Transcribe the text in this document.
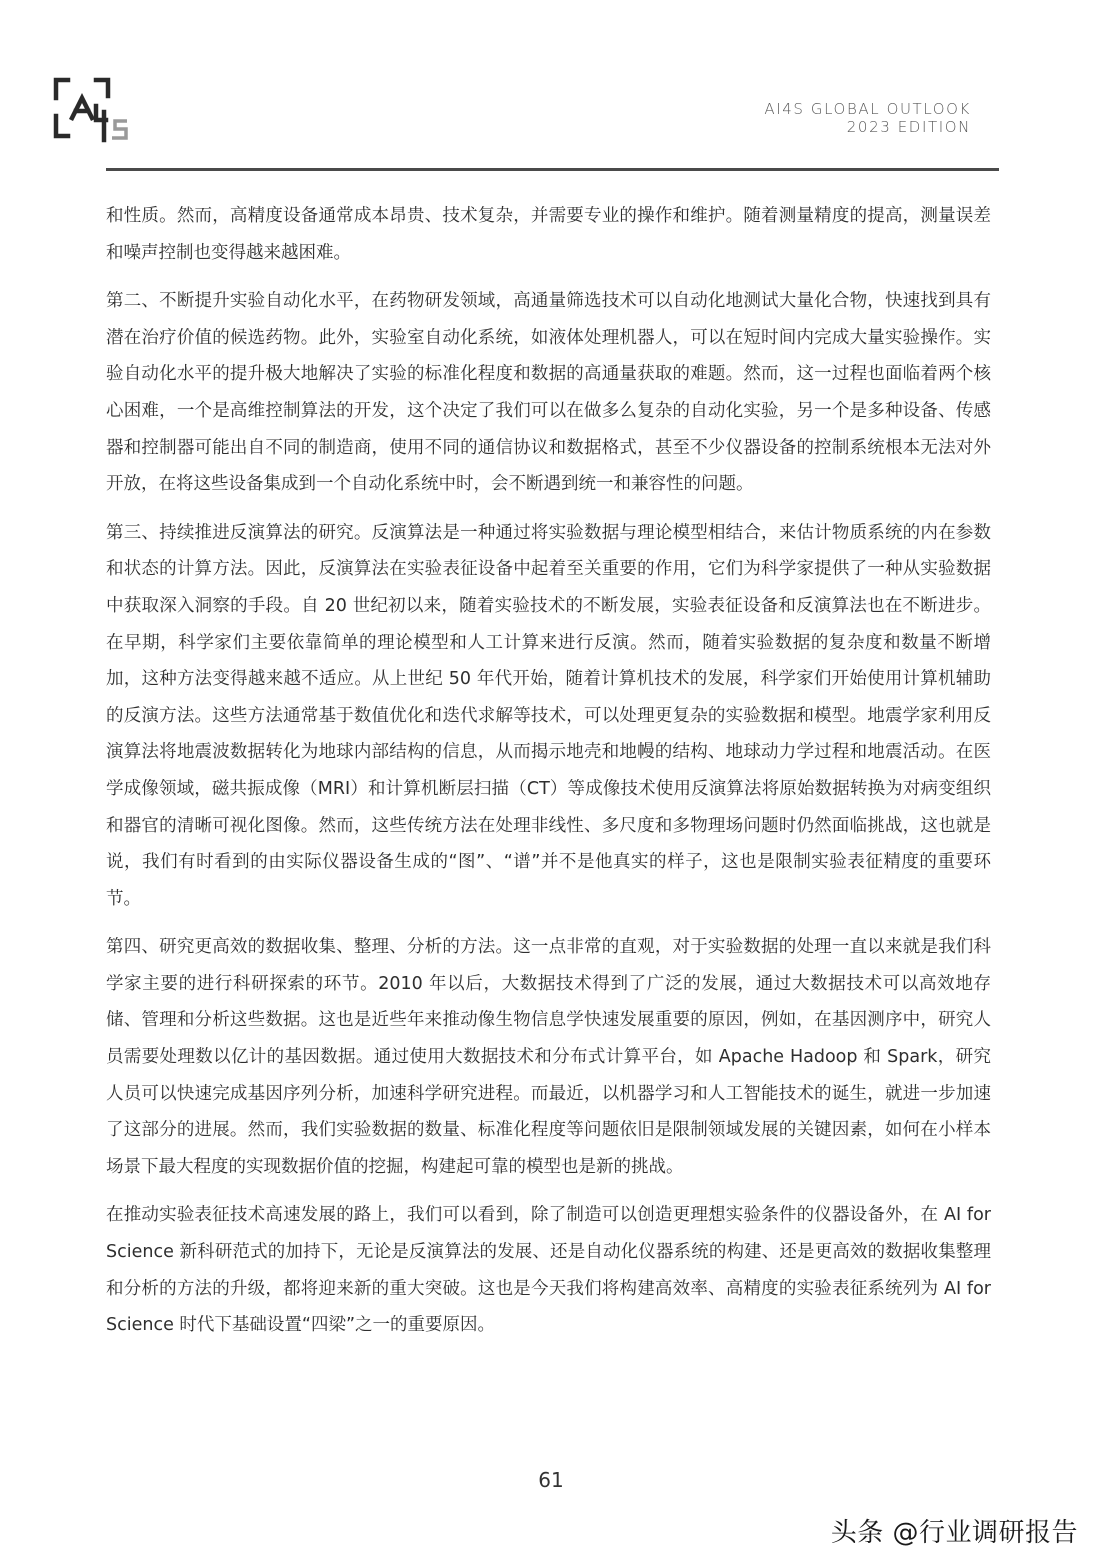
AI4S GLOBAL OUTLOOK
2023 EDITION

和性质。然而，高精度设备通常成本昂贵、技术复杂，并需要专业的操作和维护。随着测量精度的提高，测量误差和噪声控制也变得越来越困难。

第二、不断提升实验自动化水平，在药物研发领域，高通量筛选技术可以自动化地测试大量化合物，快速找到具有潜在治疗价值的候选药物。此外，实验室自动化系统，如液体处理机器人，可以在短时间内完成大量实验操作。实验自动化水平的提升极大地解决了实验的标准化程度和数据的高通量获取的难题。然而，这一过程也面临着两个核心困难，一个是高维控制算法的开发，这个决定了我们可以在做多么复杂的自动化实验，另一个是多种设备、传感器和控制器可能出自不同的制造商，使用不同的通信协议和数据格式，甚至不少仪器设备的控制系统根本无法对外开放，在将这些设备集成到一个自动化系统中时，会不断遇到统一和兼容性的问题。

第三、持续推进反演算法的研究。反演算法是一种通过将实验数据与理论模型相结合，来估计物质系统的内在参数和状态的计算方法。因此，反演算法在实验表征设备中起着至关重要的作用，它们为科学家提供了一种从实验数据中获取深入洞察的手段。自 20 世纪初以来，随着实验技术的不断发展，实验表征设备和反演算法也在不断进步。在早期，科学家们主要依靠简单的理论模型和人工计算来进行反演。然而，随着实验数据的复杂度和数量不断增加，这种方法变得越来越不适应。从上世纪 50 年代开始，随着计算机技术的发展，科学家们开始使用计算机辅助的反演方法。这些方法通常基于数值优化和迭代求解等技术，可以处理更复杂的实验数据和模型。地震学家利用反演算法将地震波数据转化为地球内部结构的信息，从而揭示地壳和地幔的结构、地球动力学过程和地震活动。在医学成像领域，磁共振成像（MRI）和计算机断层扫描（CT）等成像技术使用反演算法将原始数据转换为对病变组织和器官的清晰可视化图像。然而，这些传统方法在处理非线性、多尺度和多物理场问题时仍然面临挑战，这也就是说，我们有时看到的由实际仪器设备生成的“图”、“谱”并不是他真实的样子，这也是限制实验表征精度的重要环节。

第四、研究更高效的数据收集、整理、分析的方法。这一点非常的直观，对于实验数据的处理一直以来就是我们科学家主要的进行科研探索的环节。2010 年以后，大数据技术得到了广泛的发展，通过大数据技术可以高效地存储、管理和分析这些数据。这也是近些年来推动像生物信息学快速发展重要的原因，例如，在基因测序中，研究人员需要处理数以亿计的基因数据。通过使用大数据技术和分布式计算平台，如 Apache Hadoop 和 Spark，研究人员可以快速完成基因序列分析，加速科学研究进程。而最近，以机器学习和人工智能技术的诞生，就进一步加速了这部分的进展。然而，我们实验数据的数量、标准化程度等问题依旧是限制领域发展的关键因素，如何在小样本场景下最大程度的实现数据价值的挖掘，构建起可靠的模型也是新的挑战。

在推动实验表征技术高速发展的路上，我们可以看到，除了制造可以创造更理想实验条件的仪器设备外，在 AI for Science 新科研范式的加持下，无论是反演算法的发展、还是自动化仪器系统的构建、还是更高效的数据收集整理和分析的方法的升级，都将迎来新的重大突破。这也是今天我们将构建高效率、高精度的实验表征系统列为 AI for Science 时代下基础设置“四梁”之一的重要原因。

61
头条 @行业调研报告
